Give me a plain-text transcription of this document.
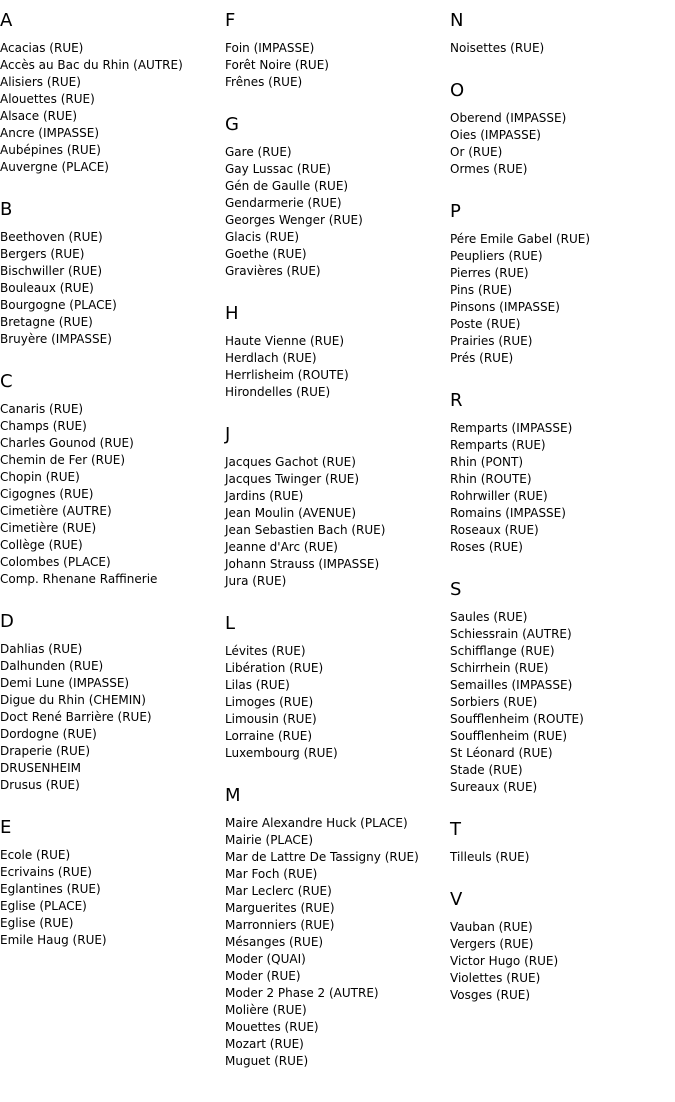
A
Acacias (RUE)
Accès au Bac du Rhin (AUTRE)
Alisiers (RUE)
Alouettes (RUE)
Alsace (RUE)
Ancre (IMPASSE)
Aubépines (RUE)
Auvergne (PLACE)
B
Beethoven (RUE)
Bergers (RUE)
Bischwiller (RUE)
Bouleaux (RUE)
Bourgogne (PLACE)
Bretagne (RUE)
Bruyère (IMPASSE)
C
Canaris (RUE)
Champs (RUE)
Charles Gounod (RUE)
Chemin de Fer (RUE)
Chopin (RUE)
Cigognes (RUE)
Cimetière (AUTRE)
Cimetière (RUE)
Collège (RUE)
Colombes (PLACE)
Comp. Rhenane Raffinerie
D
Dahlias (RUE)
Dalhunden (RUE)
Demi Lune (IMPASSE)
Digue du Rhin (CHEMIN)
Doct René Barrière (RUE)
Dordogne (RUE)
Draperie (RUE)
DRUSENHEIM
Drusus (RUE)
E
Ecole (RUE)
Ecrivains (RUE)
Eglantines (RUE)
Eglise (PLACE)
Eglise (RUE)
Emile Haug (RUE)
F
Foin (IMPASSE)
Forêt Noire (RUE)
Frênes (RUE)
G
Gare (RUE)
Gay Lussac (RUE)
Gén de Gaulle (RUE)
Gendarmerie (RUE)
Georges Wenger (RUE)
Glacis (RUE)
Goethe (RUE)
Gravières (RUE)
H
Haute Vienne (RUE)
Herdlach (RUE)
Herrlisheim (ROUTE)
Hirondelles (RUE)
J
Jacques Gachot (RUE)
Jacques Twinger (RUE)
Jardins (RUE)
Jean Moulin (AVENUE)
Jean Sebastien Bach (RUE)
Jeanne d'Arc (RUE)
Johann Strauss (IMPASSE)
Jura (RUE)
L
Lévites (RUE)
Libération (RUE)
Lilas (RUE)
Limoges (RUE)
Limousin (RUE)
Lorraine (RUE)
Luxembourg (RUE)
M
Maire Alexandre Huck (PLACE)
Mairie (PLACE)
Mar de Lattre De Tassigny (RUE)
Mar Foch (RUE)
Mar Leclerc (RUE)
Marguerites (RUE)
Marronniers (RUE)
Mésanges (RUE)
Moder (QUAI)
Moder (RUE)
Moder 2 Phase 2 (AUTRE)
Molière (RUE)
Mouettes (RUE)
Mozart (RUE)
Muguet (RUE)
N
Noisettes (RUE)
O
Oberend (IMPASSE)
Oies (IMPASSE)
Or (RUE)
Ormes (RUE)
P
Pére Emile Gabel (RUE)
Peupliers (RUE)
Pierres (RUE)
Pins (RUE)
Pinsons (IMPASSE)
Poste (RUE)
Prairies (RUE)
Prés (RUE)
R
Remparts (IMPASSE)
Remparts (RUE)
Rhin (PONT)
Rhin (ROUTE)
Rohrwiller (RUE)
Romains (IMPASSE)
Roseaux (RUE)
Roses (RUE)
S
Saules (RUE)
Schiessrain (AUTRE)
Schifflange (RUE)
Schirrhein (RUE)
Semailles (IMPASSE)
Sorbiers (RUE)
Soufflenheim (ROUTE)
Soufflenheim (RUE)
St Léonard (RUE)
Stade (RUE)
Sureaux (RUE)
T
Tilleuls (RUE)
V
Vauban (RUE)
Vergers (RUE)
Victor Hugo (RUE)
Violettes (RUE)
Vosges (RUE)
